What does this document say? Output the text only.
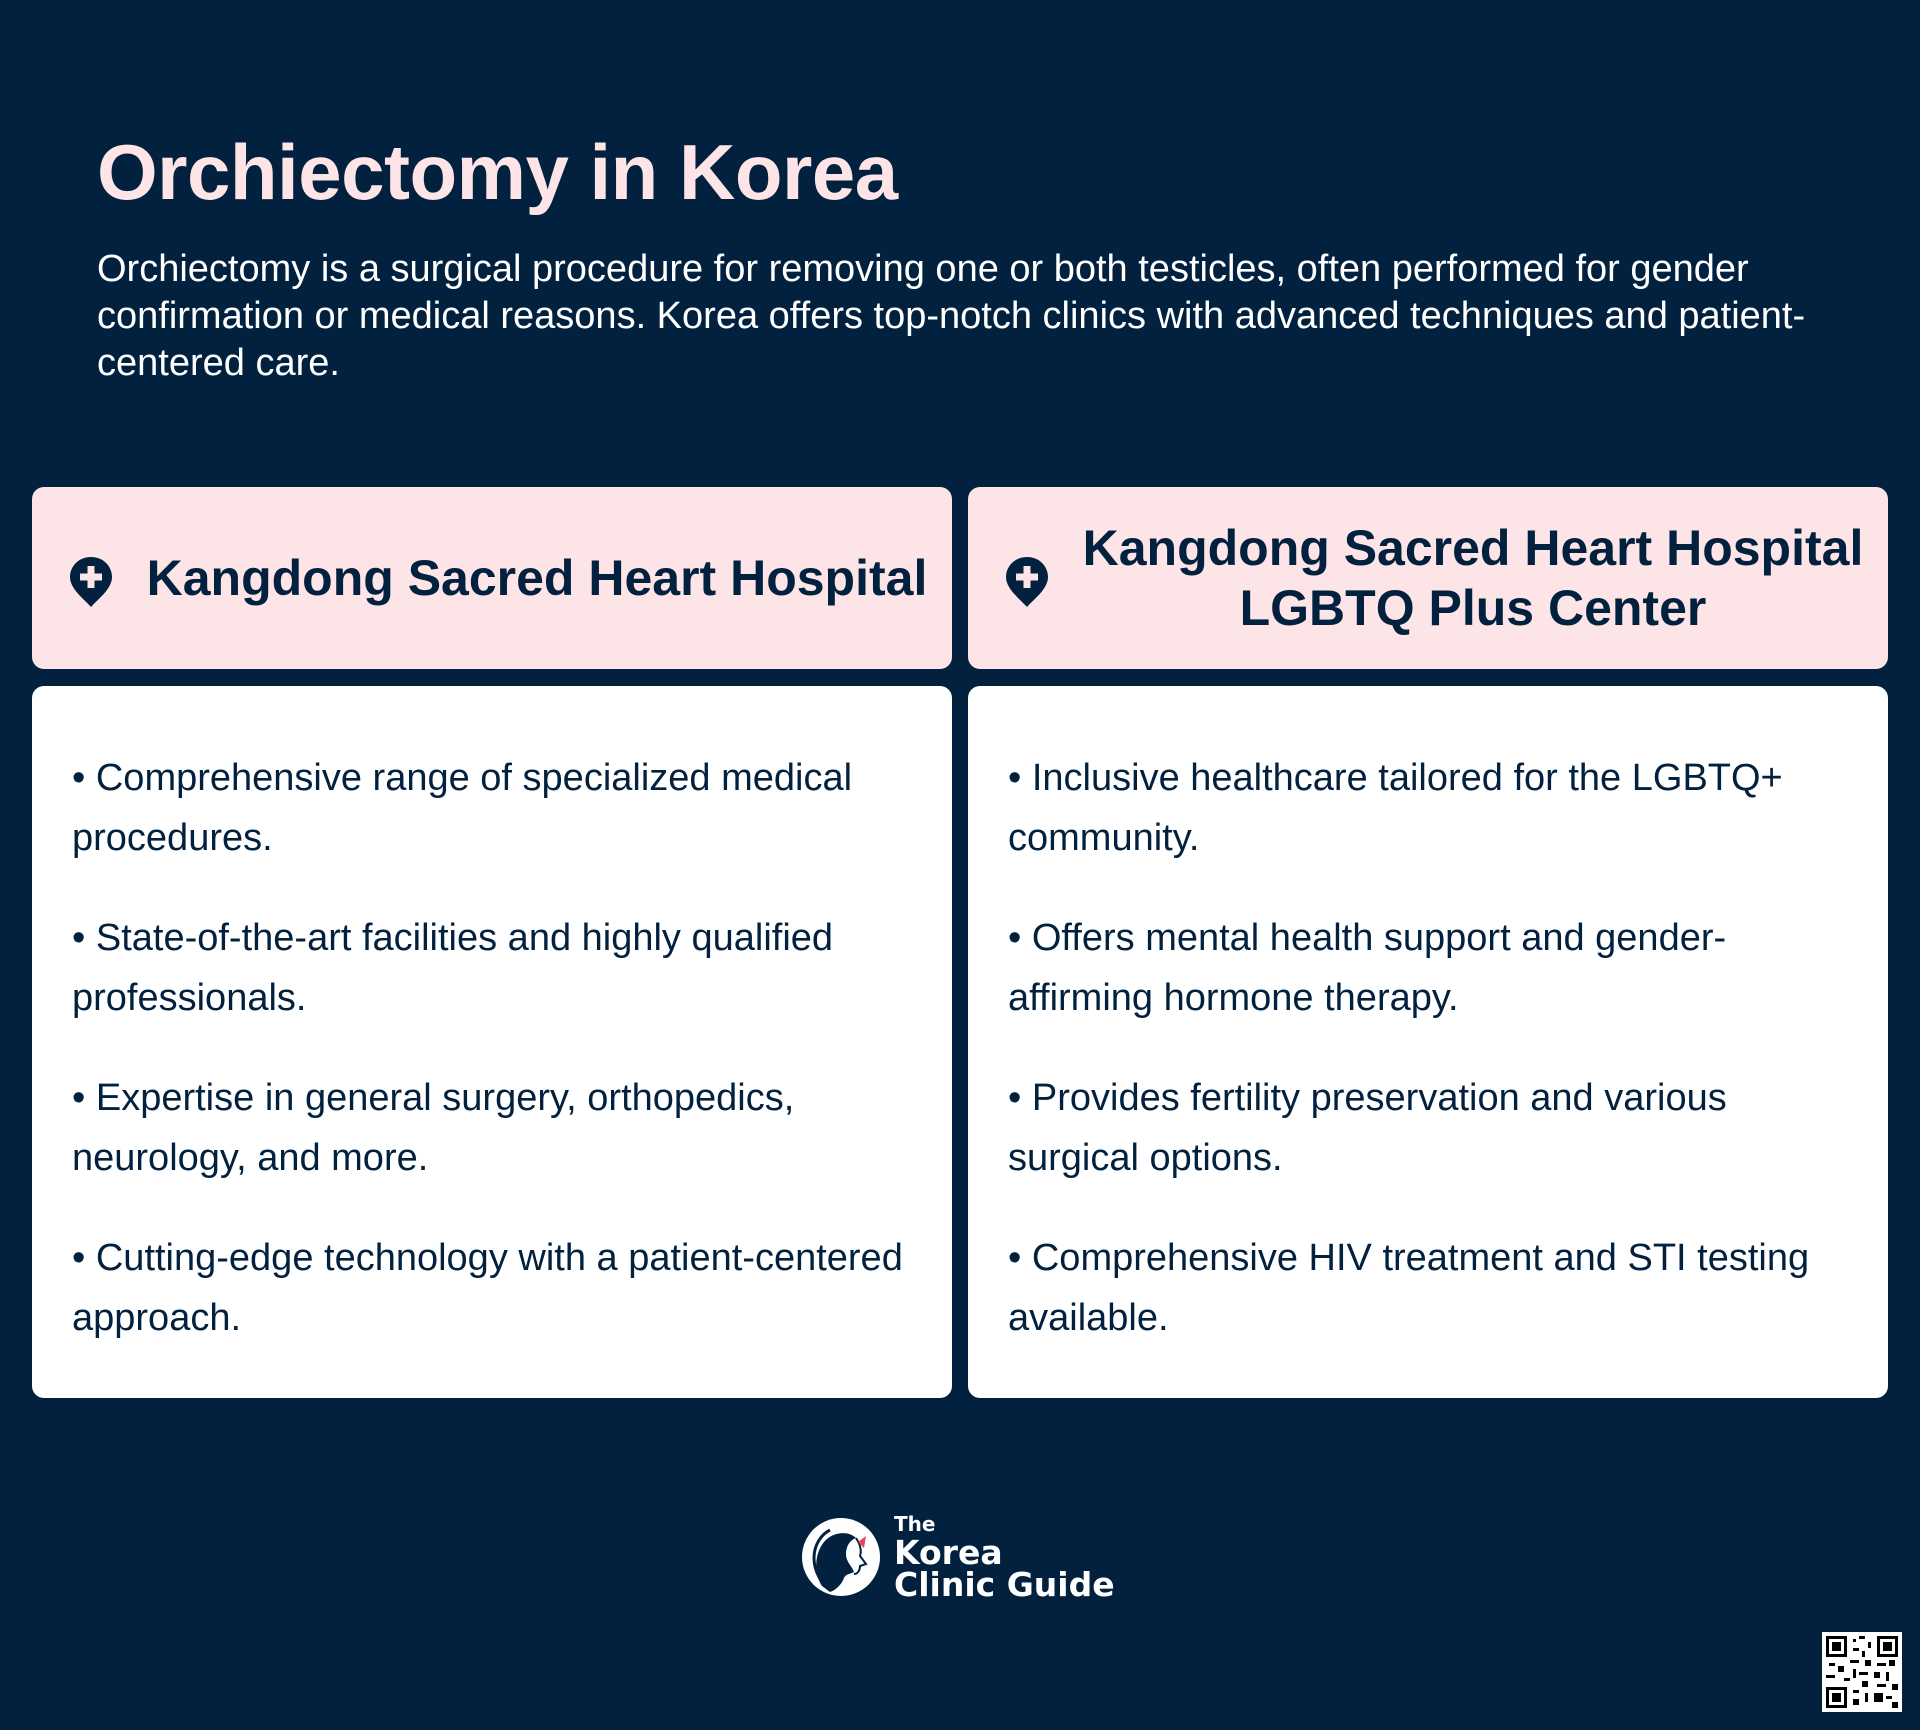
Orchiectomy in Korea

Orchiectomy is a surgical procedure for removing one or both testicles, often performed for gender confirmation or medical reasons. Korea offers top-notch clinics with advanced techniques and patient-centered care.

Kangdong Sacred Heart Hospital
• Comprehensive range of specialized medical procedures.
• State-of-the-art facilities and highly qualified professionals.
• Expertise in general surgery, orthopedics, neurology, and more.
• Cutting-edge technology with a patient-centered approach.
Kangdong Sacred Heart Hospital LGBTQ Plus Center
• Inclusive healthcare tailored for the LGBTQ+ community.
• Offers mental health support and gender-affirming hormone therapy.
• Provides fertility preservation and various surgical options.
• Comprehensive HIV treatment and STI testing available.
The
Korea
Clinic Guide
